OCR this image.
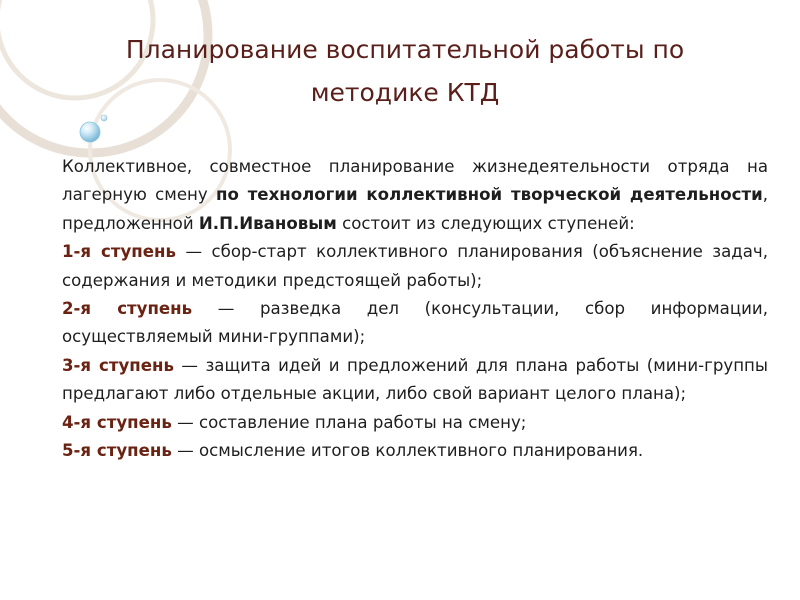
Планирование воспитательной работы по
методике КТД

Коллективное, совместное планирование жизнедеятельности отряда на лагерную смену по технологии коллективной творческой деятельности, предложенной И.П.Ивановым состоит из следующих ступеней:

1-я ступень — сбор-старт коллективного планирования (объяснение задач, содержания и методики предстоящей работы);

2-я ступень — разведка дел (консультации, сбор информации, осуществляемый мини-группами);

3-я ступень — защита идей и предложений для плана работы (мини-группы предлагают либо отдельные акции, либо свой вариант целого плана);

4-я ступень — составление плана работы на смену;

5-я ступень — осмысление итогов коллективного планирования.
